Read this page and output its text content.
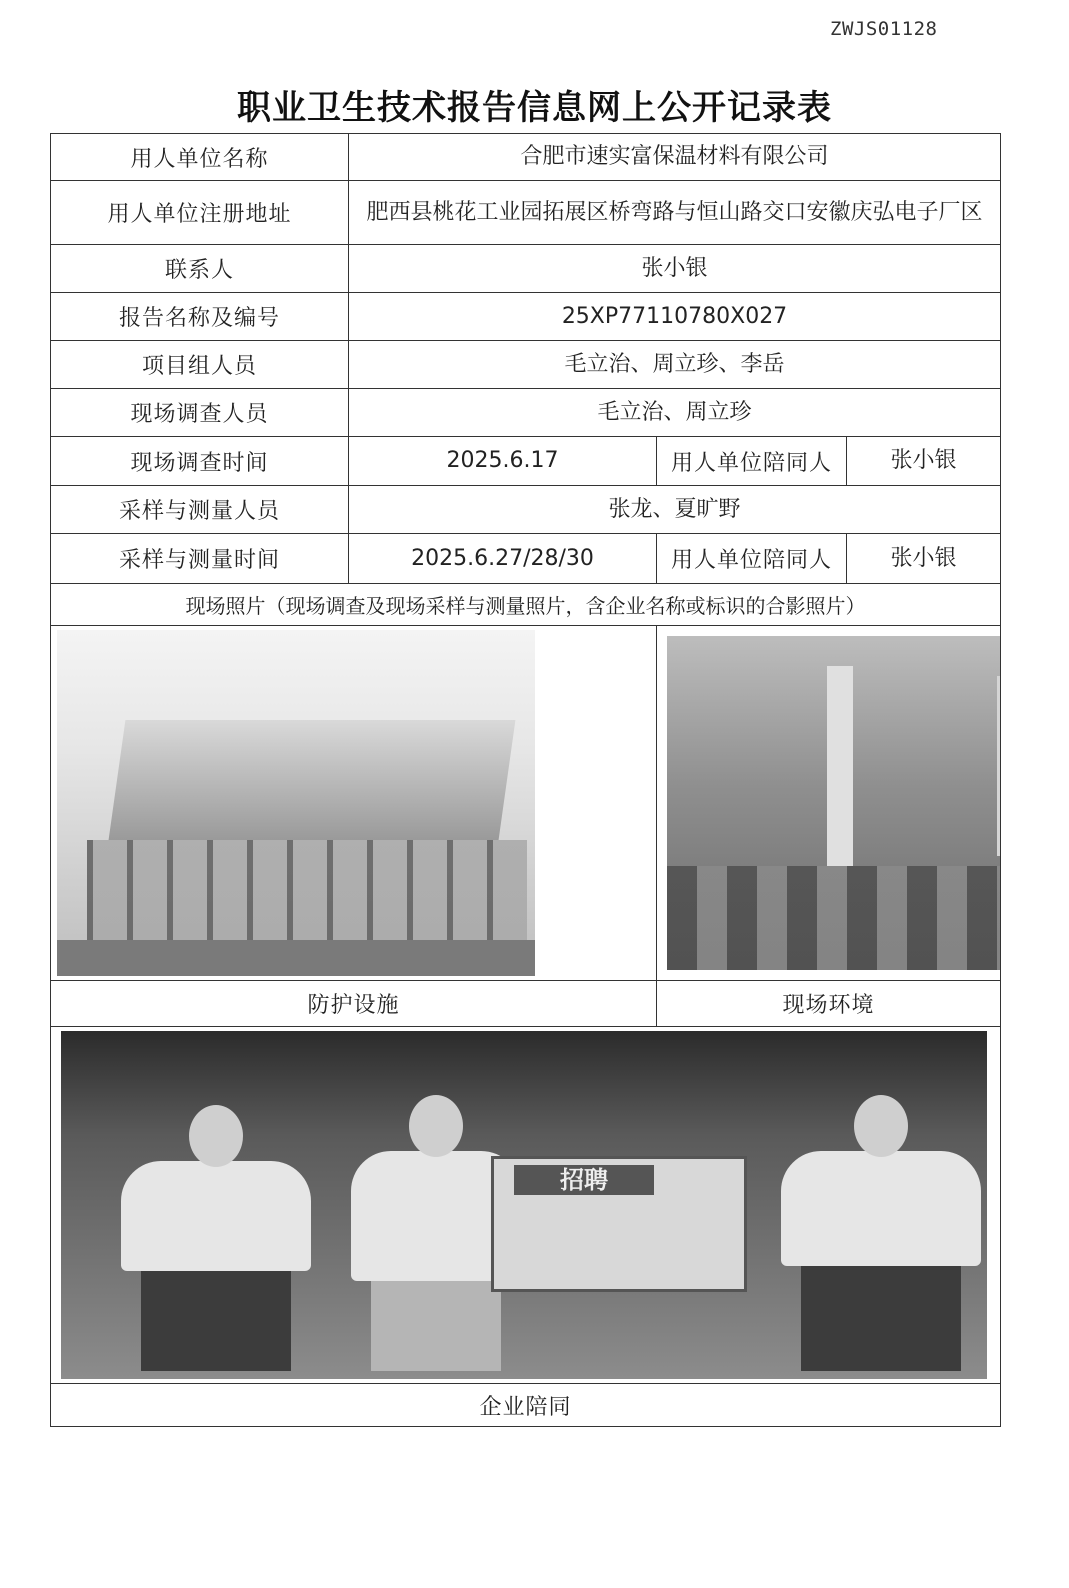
ZWJS01128
职业卫生技术报告信息网上公开记录表
用人单位名称	合肥市速实富保温材料有限公司		
用人单位注册地址	肥西县桃花工业园拓展区桥弯路与恒山路交口安徽庆弘电子厂区		
联系人	张小银		
报告名称及编号	25XP77110780X027		
项目组人员	毛立治、周立珍、李岳		
现场调查人员	毛立治、周立珍		
现场调查时间	2025.6.17	用人单位陪同人	张小银
采样与测量人员	张龙、夏旷野		
采样与测量时间	2025.6.27/28/30	用人单位陪同人	张小银
现场照片（现场调查及现场采样与测量照片，含企业名称或标识的合影照片）			

防护设施		现场环境	

招聘			

企业陪同			
